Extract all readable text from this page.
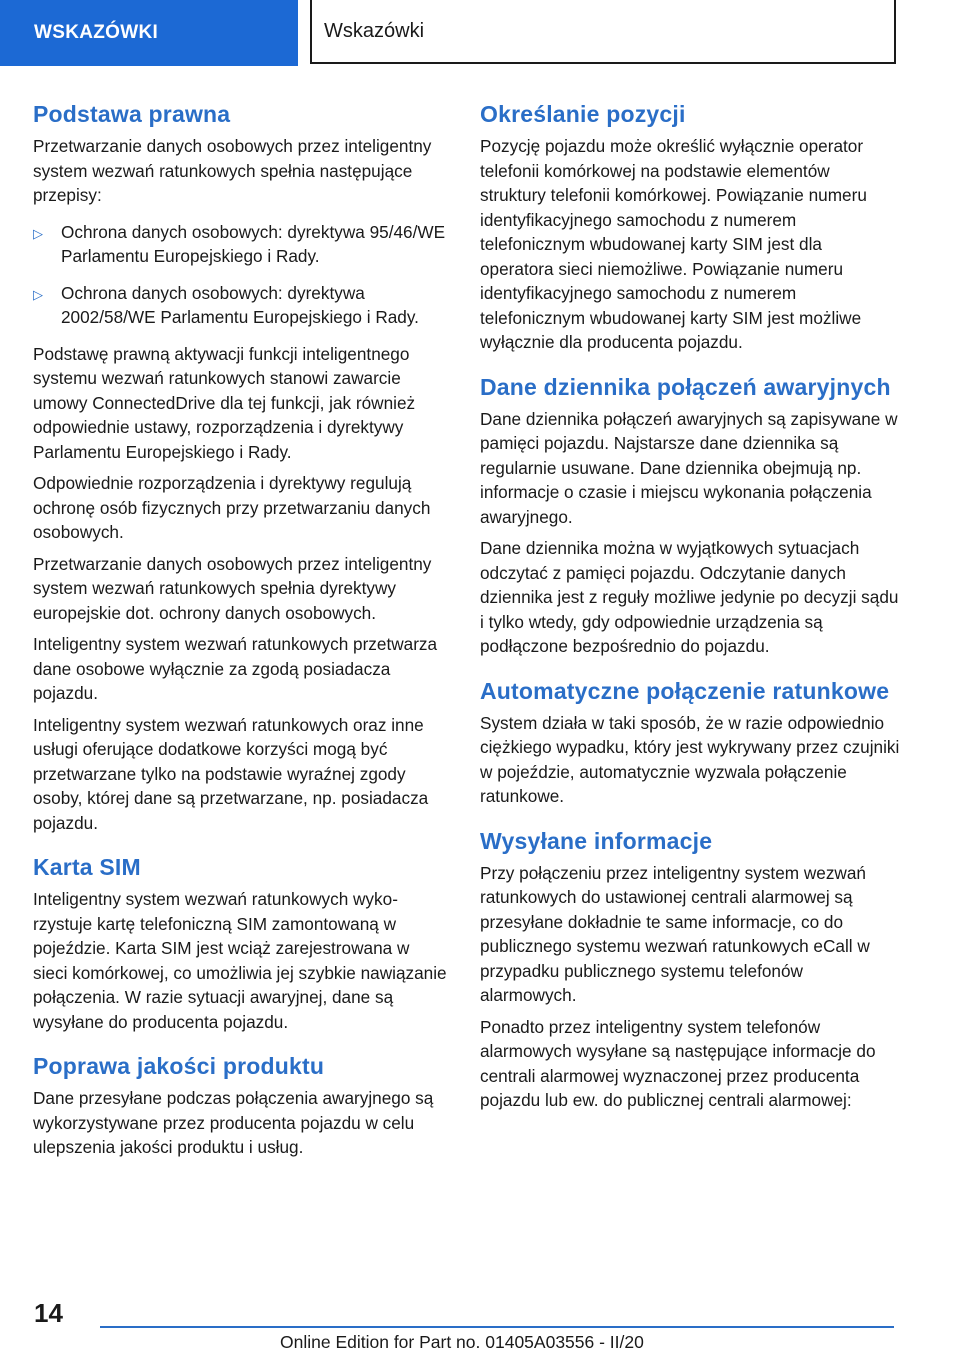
WSKAZÓWKI	Wskazówki
Podstawa prawna

Przetwarzanie danych osobowych przez inteligentny system wezwań ratunkowych spełnia następujące przepisy:

▷ Ochrona danych osobowych: dyrektywa 95/46/WE Parlamentu Europejskiego i Rady.
▷ Ochrona danych osobowych: dyrektywa 2002/58/WE Parlamentu Europejskiego i Rady.

Podstawę prawną aktywacji funkcji inteligentnego systemu wezwań ratunkowych stanowi zawarcie umowy ConnectedDrive dla tej funkcji, jak również odpowiednie ustawy, rozporządzenia i dyrektywy Parlamentu Europejskiego i Rady.

Odpowiednie rozporządzenia i dyrektywy regulują ochronę osób fizycznych przy przetwarzaniu danych osobowych.

Przetwarzanie danych osobowych przez inteligentny system wezwań ratunkowych spełnia dyrektywy europejskie dot. ochrony danych osobowych.

Inteligentny system wezwań ratunkowych przetwarza dane osobowe wyłącznie za zgodą posiadacza pojazdu.

Inteligentny system wezwań ratunkowych oraz inne usługi oferujące dodatkowe korzyści mogą być przetwarzane tylko na podstawie wyraźnej zgody osoby, której dane są przetwarzane, np. posiadacza pojazdu.

Karta SIM

Inteligentny system wezwań ratunkowych wykorzystuje kartę telefoniczną SIM zamontowaną w pojeździe. Karta SIM jest wciąż zarejestrowana w sieci komórkowej, co umożliwia jej szybkie nawiązanie połączenia. W razie sytuacji awaryjnej, dane są wysyłane do producenta pojazdu.

Poprawa jakości produktu

Dane przesyłane podczas połączenia awaryjnego są wykorzystywane przez producenta pojazdu w celu ulepszenia jakości produktu i usług.

Określanie pozycji

Pozycję pojazdu może określić wyłącznie operator telefonii komórkowej na podstawie elementów struktury telefonii komórkowej. Powiązanie numeru identyfikacyjnego samochodu z numerem telefonicznym wbudowanej karty SIM jest dla operatora sieci niemożliwe. Powiązanie numeru identyfikacyjnego samochodu z numerem telefonicznym wbudowanej karty SIM jest możliwe wyłącznie dla producenta pojazdu.

Dane dziennika połączeń awaryjnych

Dane dziennika połączeń awaryjnych są zapisywane w pamięci pojazdu. Najstarsze dane dziennika są regularnie usuwane. Dane dziennika obejmują np. informacje o czasie i miejscu wykonania połączenia awaryjnego.

Dane dziennika można w wyjątkowych sytuacjach odczytać z pamięci pojazdu. Odczytanie danych dziennika jest z reguły możliwe jedynie po decyzji sądu i tylko wtedy, gdy odpowiednie urządzenia są podłączone bezpośrednio do pojazdu.

Automatyczne połączenie ratunkowe

System działa w taki sposób, że w razie odpowiednio ciężkiego wypadku, który jest wykrywany przez czujniki w pojeździe, automatycznie wyzwala połączenie ratunkowe.

Wysyłane informacje

Przy połączeniu przez inteligentny system wezwań ratunkowych do ustawionej centrali alarmowej są przesyłane dokładnie te same informacje, co do publicznego systemu wezwań ratunkowych eCall w przypadku publicznego systemu telefonów alarmowych.

Ponadto przez inteligentny system telefonów alarmowych wysyłane są następujące informacje do centrali alarmowej wyznaczonej przez producenta pojazdu lub ew. do publicznej centrali alarmowej:

14
Online Edition for Part no. 01405A03556 - II/20
